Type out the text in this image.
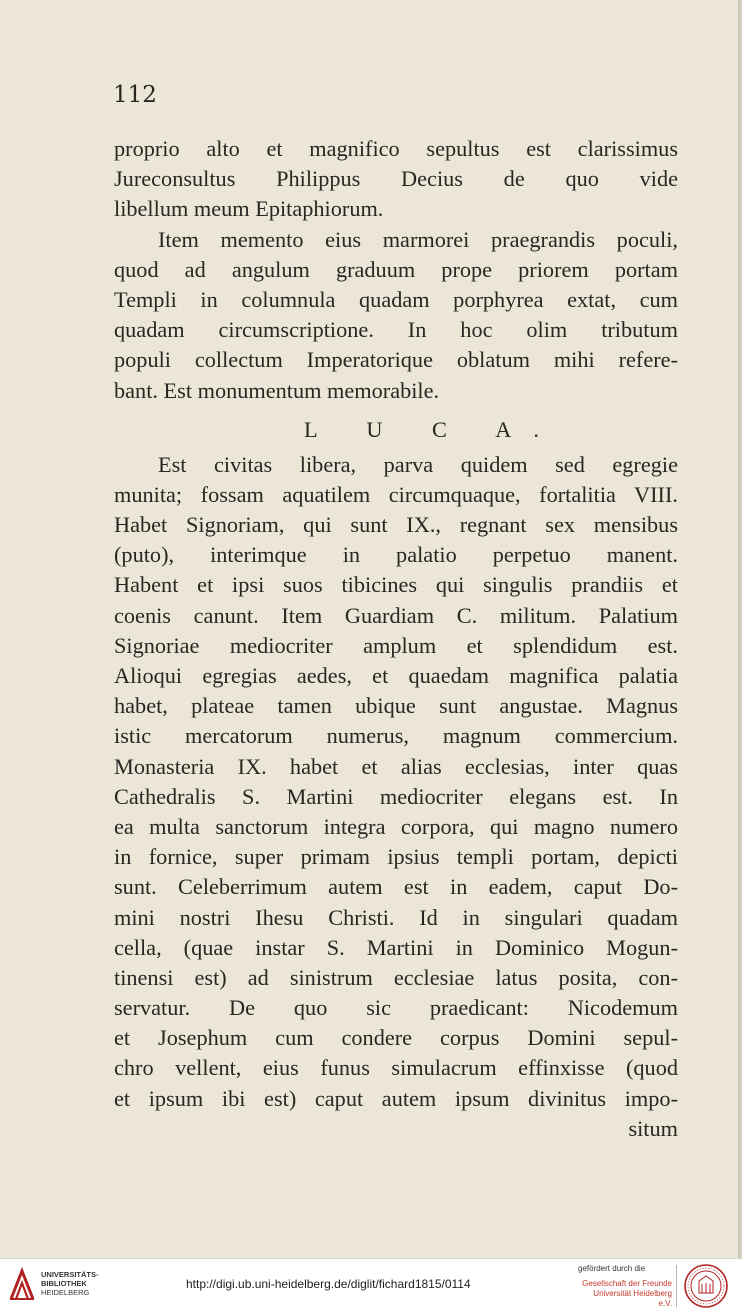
112
proprio alto et magnifico sepultus est clarissimus
Jureconsultus Philippus Decius de quo vide
libellum meum Epitaphiorum.
Item memento eius marmorei praegrandis poculi,
quod ad angulum graduum prope priorem portam
Templi in columnula quadam porphyrea extat, cum
quadam circumscriptione. In hoc olim tributum
populi collectum Imperatorique oblatum mihi refere-
bant. Est monumentum memorabile.
L U C A.
Est civitas libera, parva quidem sed egregie
munita; fossam aquatilem circumquaque, fortalitia VIII.
Habet Signoriam, qui sunt IX., regnant sex mensibus
(puto), interimque in palatio perpetuo manent.
Habent et ipsi suos tibicines qui singulis prandiis et
coenis canunt. Item Guardiam C. militum. Palatium
Signoriae mediocriter amplum et splendidum est.
Alioqui egregias aedes, et quaedam magnifica palatia
habet, plateae tamen ubique sunt angustae. Magnus
istic mercatorum numerus, magnum commercium.
Monasteria IX. habet et alias ecclesias, inter quas
Cathedralis S. Martini mediocriter elegans est. In
ea multa sanctorum integra corpora, qui magno numero
in fornice, super primam ipsius templi portam, depicti
sunt. Celeberrimum autem est in eadem, caput Do-
mini nostri Ihesu Christi. Id in singulari quadam
cella, (quae instar S. Martini in Dominico Mogun-
tinensi est) ad sinistrum ecclesiae latus posita, con-
servatur. De quo sic praedicant: Nicodemum
et Josephum cum condere corpus Domini sepul-
chro vellent, eius funus simulacrum effinxisse (quod
et ipsum ibi est) caput autem ipsum divinitus impo-
situm
UNIVERSITÄTS-
BIBLIOTHEK
HEIDELBERG
http://digi.ub.uni-heidelberg.de/diglit/fichard1815/0114
gefördert durch die
Gesellschaft der Freunde
Universität Heidelberg e.V.
